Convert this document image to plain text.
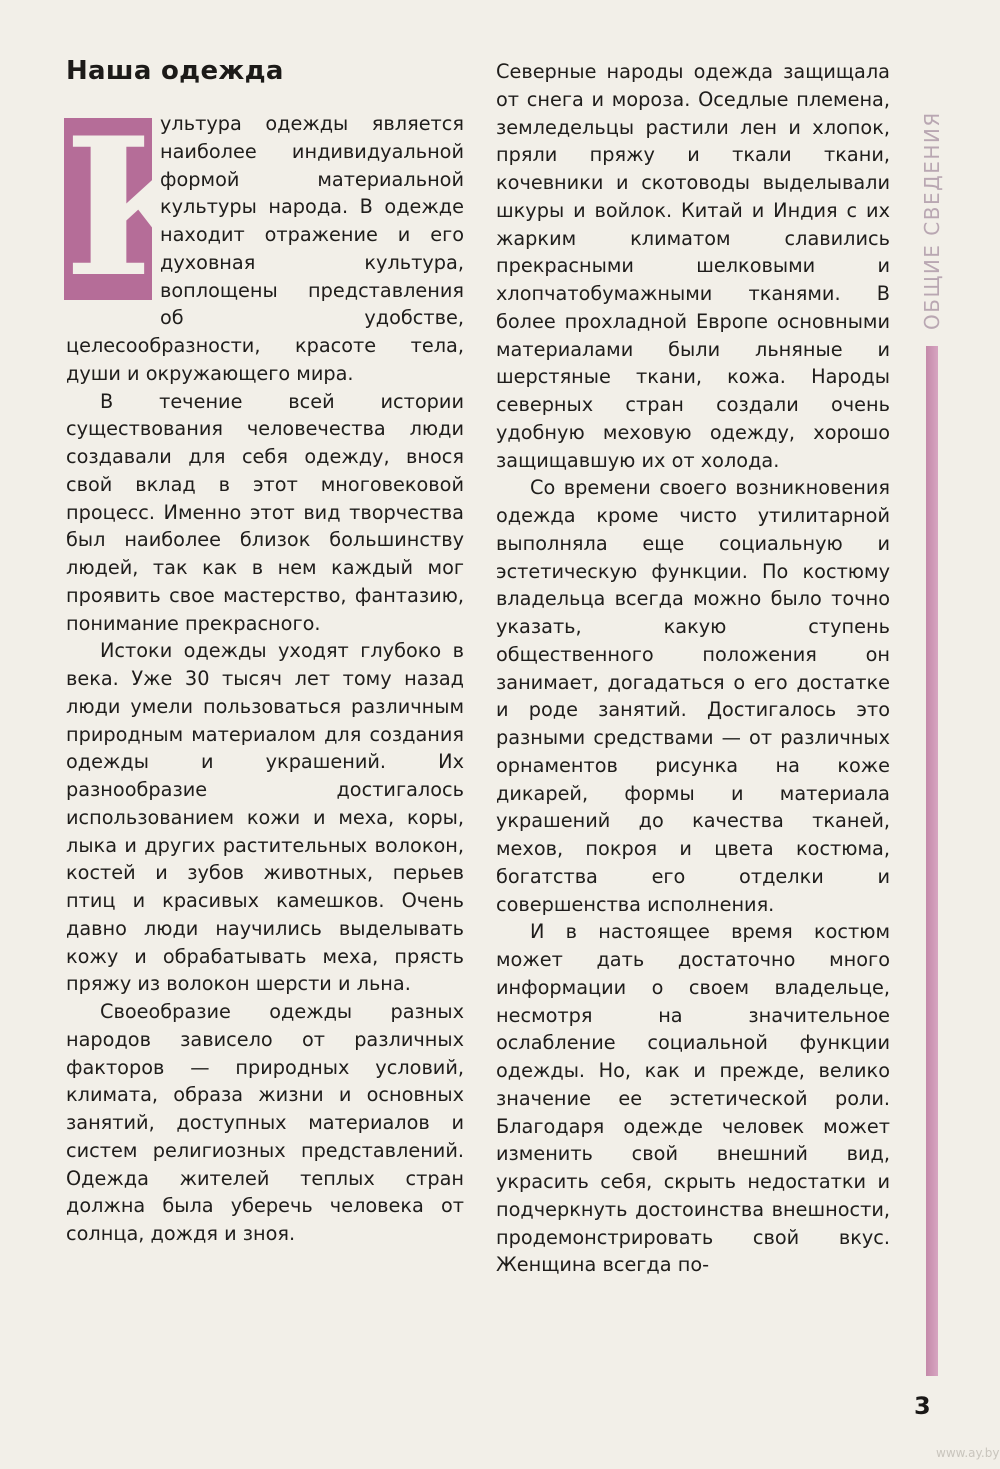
Наша одежда
К

ультура одежды является наиболее индивидуальной формой материальной культуры народа. В одежде находит отражение и его духовная культура, воплощены представления об удобстве, целесообразности, красоте тела, души и окружающего мира.

В течение всей истории существования человечества люди создавали для себя одежду, внося свой вклад в этот многовековой процесс. Именно этот вид творчества был наиболее близок большинству людей, так как в нем каждый мог проявить свое мастерство, фантазию, понимание прекрасного.

Истоки одежды уходят глубоко в века. Уже 30 тысяч лет тому назад люди умели пользоваться различным природным материалом для создания одежды и украшений. Их разнообразие достигалось использованием кожи и меха, коры, лыка и других растительных волокон, костей и зубов животных, перьев птиц и красивых камешков. Очень давно люди научились выделывать кожу и обрабатывать меха, прясть пряжу из волокон шерсти и льна.

Своеобразие одежды разных народов зависело от различных факторов — природных условий, климата, образа жизни и основных занятий, доступных материалов и систем религиозных представлений. Одежда жителей теплых стран должна была уберечь человека от солнца, дождя и зноя.

Северные народы одежда защищала от снега и мороза. Оседлые племена, земледельцы растили лен и хлопок, пряли пряжу и ткали ткани, кочевники и скотоводы выделывали шкуры и войлок. Китай и Индия с их жарким климатом славились прекрасными шелковыми и хлопчатобумажными тканями. В более прохладной Европе основными материалами были льняные и шерстяные ткани, кожа. Народы северных стран создали очень удобную меховую одежду, хорошо защищавшую их от холода.

Со времени своего возникновения одежда кроме чисто утилитарной выполняла еще социальную и эстетическую функции. По костюму владельца всегда можно было точно указать, какую ступень общественного положения он занимает, догадаться о его достатке и роде занятий. Достигалось это разными средствами — от различных орнаментов рисунка на коже дикарей, формы и материала украшений до качества тканей, мехов, покроя и цвета костюма, богатства его отделки и совершенства исполнения.

И в настоящее время костюм может дать достаточно много информации о своем владельце, несмотря на значительное ослабление социальной функции одежды. Но, как и прежде, велико значение ее эстетической роли. Благодаря одежде человек может изменить свой внешний вид, украсить себя, скрыть недостатки и подчеркнуть достоинства внешности, продемонстрировать свой вкус. Женщина всегда по-

ОБЩИЕ СВЕДЕНИЯ
3
www.ay.by
